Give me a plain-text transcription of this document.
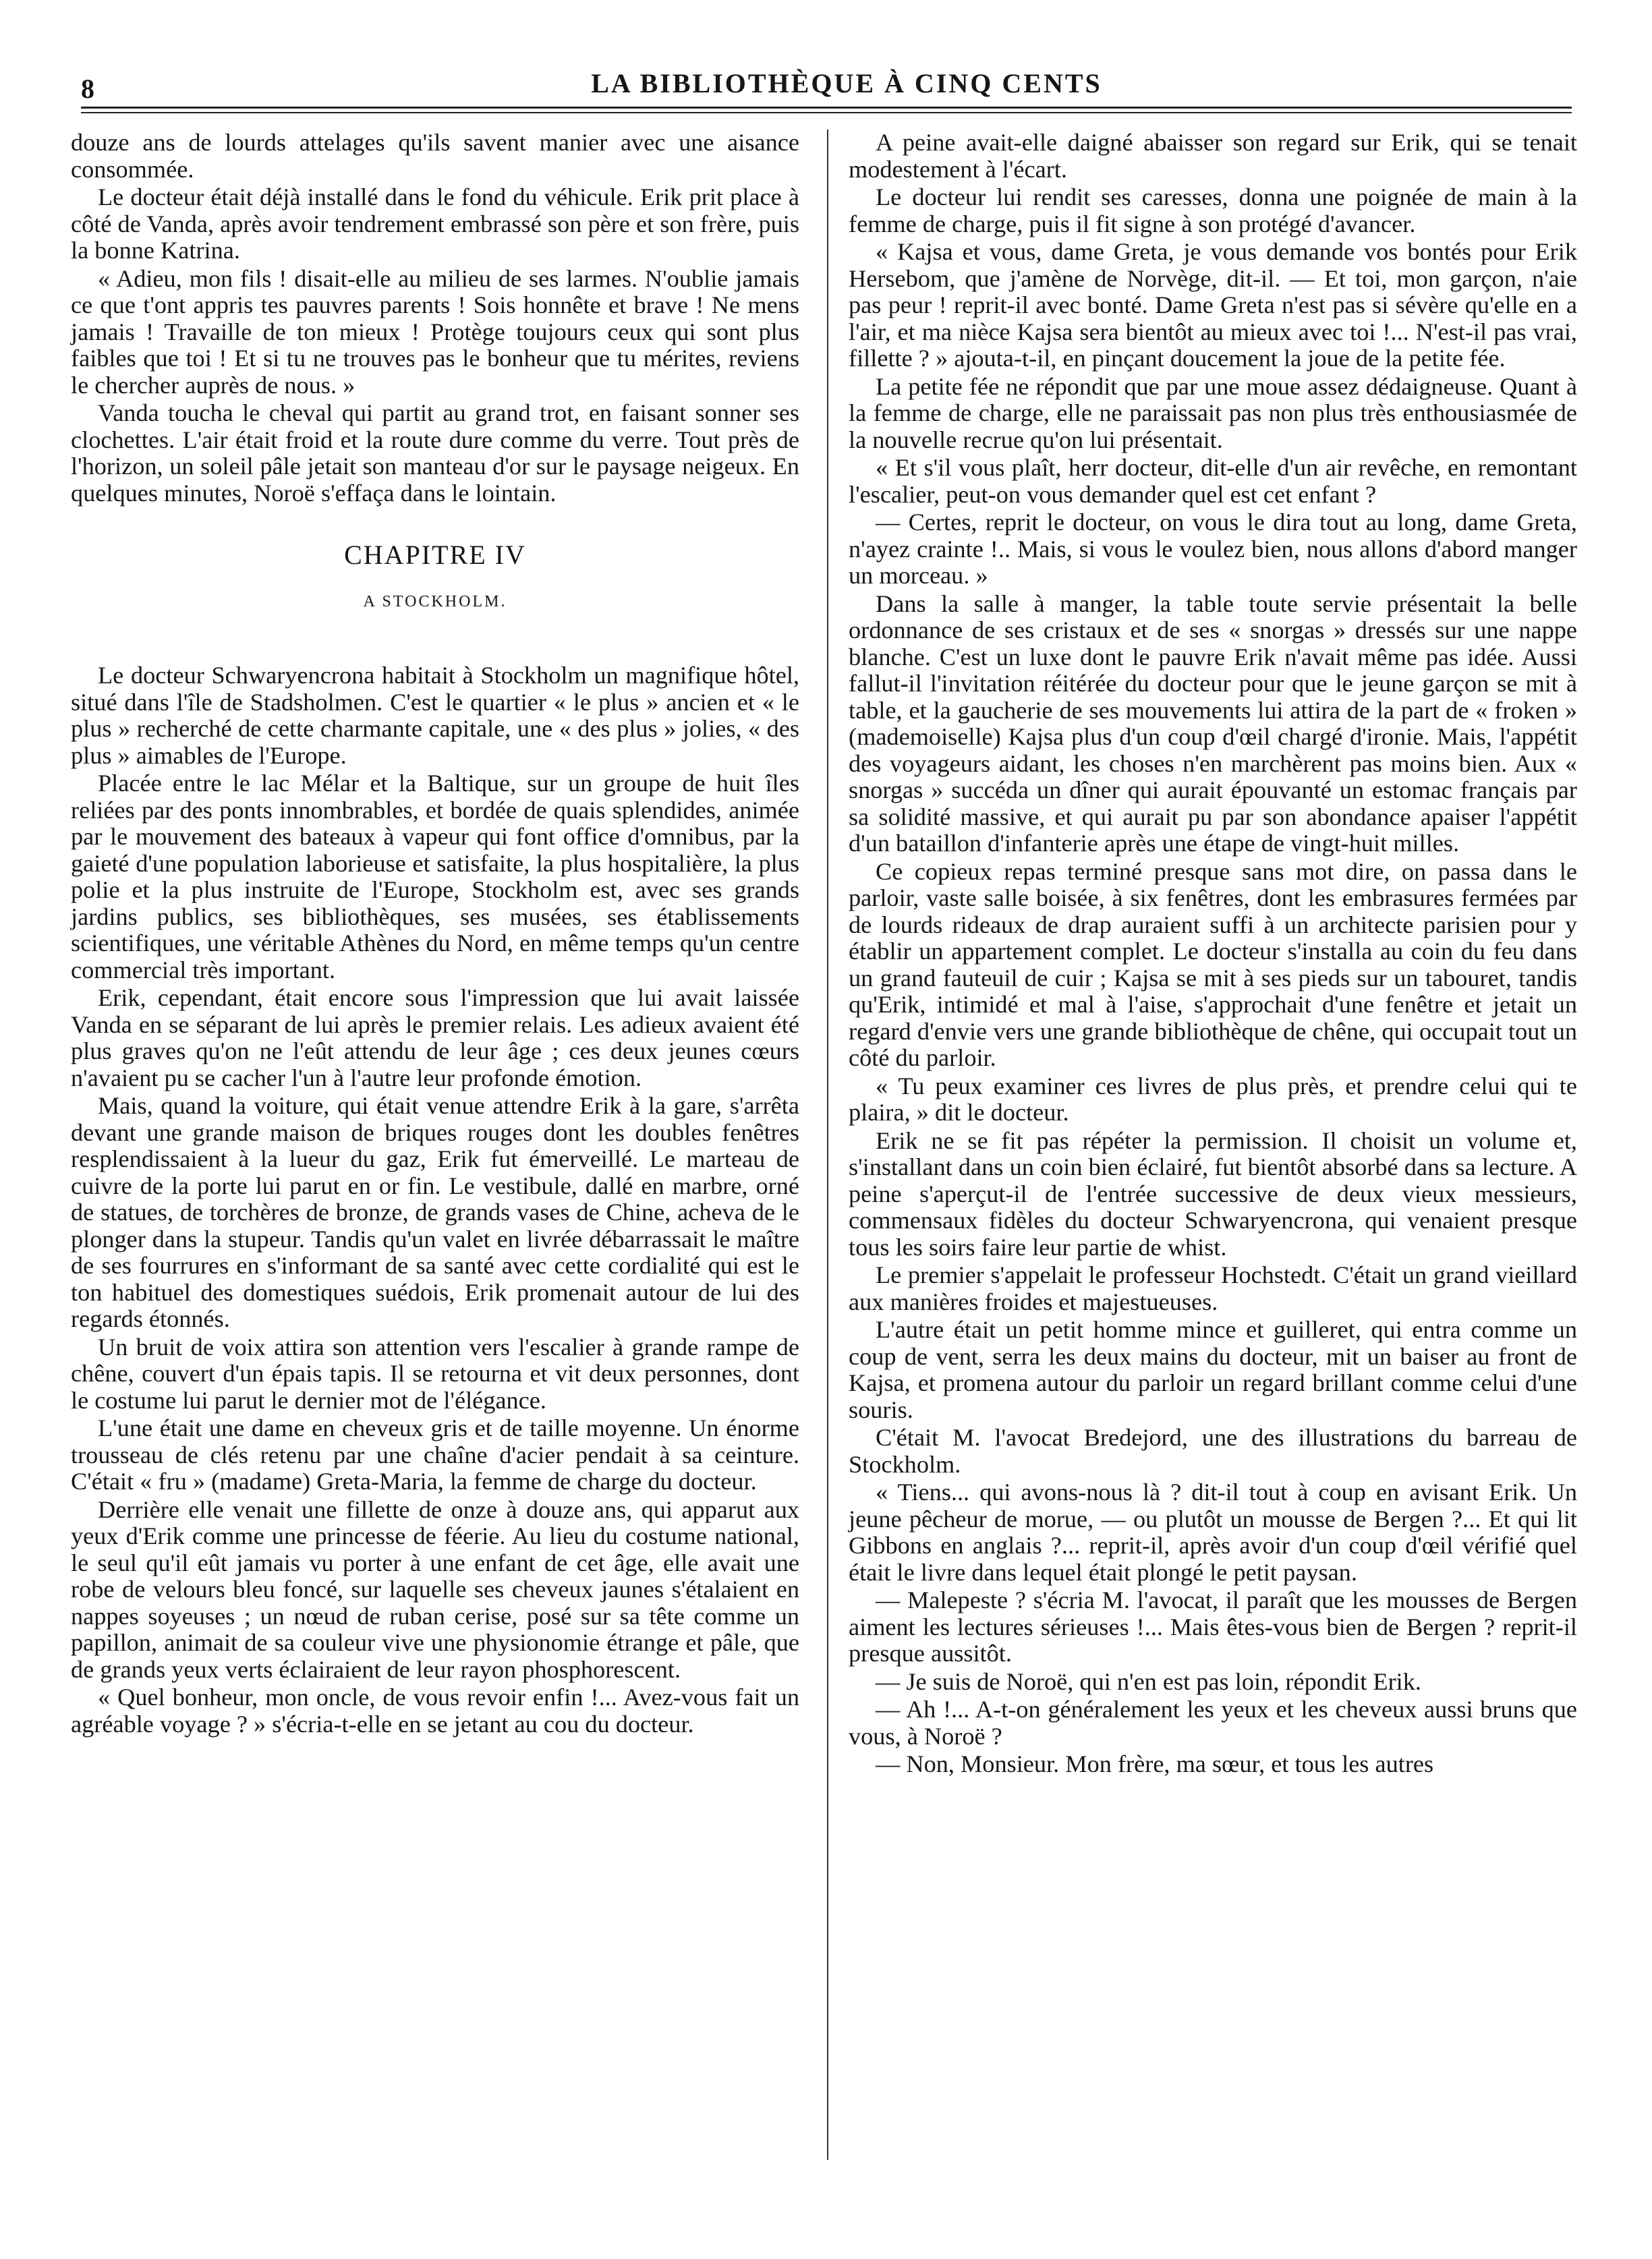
8	LA BIBLIOTHÈQUE À CINQ CENTS

douze ans de lourds attelages qu'ils savent manier avec une aisance consommée.

Le docteur était déjà installé dans le fond du véhicule. Erik prit place à côté de Vanda, après avoir tendrement embrassé son père et son frère, puis la bonne Katrina.

« Adieu, mon fils ! disait-elle au milieu de ses larmes. N'oublie jamais ce que t'ont appris tes pauvres parents ! Sois honnête et brave ! Ne mens jamais ! Travaille de ton mieux ! Protège toujours ceux qui sont plus faibles que toi ! Et si tu ne trouves pas le bonheur que tu mérites, reviens le chercher auprès de nous. »

Vanda toucha le cheval qui partit au grand trot, en faisant sonner ses clochettes. L'air était froid et la route dure comme du verre. Tout près de l'horizon, un soleil pâle jetait son manteau d'or sur le paysage neigeux. En quelques minutes, Noroë s'effaça dans le lointain.

CHAPITRE IV
A STOCKHOLM.

Le docteur Schwaryencrona habitait à Stockholm un magnifique hôtel, situé dans l'île de Stadsholmen. C'est le quartier « le plus » ancien et « le plus » recherché de cette charmante capitale, une « des plus » jolies, « des plus » aimables de l'Europe.

Placée entre le lac Mélar et la Baltique, sur un groupe de huit îles reliées par des ponts innombrables, et bordée de quais splendides, animée par le mouvement des bateaux à vapeur qui font office d'omnibus, par la gaieté d'une population laborieuse et satisfaite, la plus hospitalière, la plus polie et la plus instruite de l'Europe, Stockholm est, avec ses grands jardins publics, ses bibliothèques, ses musées, ses établissements scientifiques, une véritable Athènes du Nord, en même temps qu'un centre commercial très important.

Erik, cependant, était encore sous l'impression que lui avait laissée Vanda en se séparant de lui après le premier relais. Les adieux avaient été plus graves qu'on ne l'eût attendu de leur âge ; ces deux jeunes cœurs n'avaient pu se cacher l'un à l'autre leur profonde émotion.

Mais, quand la voiture, qui était venue attendre Erik à la gare, s'arrêta devant une grande maison de briques rouges dont les doubles fenêtres resplendissaient à la lueur du gaz, Erik fut émerveillé. Le marteau de cuivre de la porte lui parut en or fin. Le vestibule, dallé en marbre, orné de statues, de torchères de bronze, de grands vases de Chine, acheva de le plonger dans la stupeur. Tandis qu'un valet en livrée débarrassait le maître de ses fourrures en s'informant de sa santé avec cette cordialité qui est le ton habituel des domestiques suédois, Erik promenait autour de lui des regards étonnés.

Un bruit de voix attira son attention vers l'escalier à grande rampe de chêne, couvert d'un épais tapis. Il se retourna et vit deux personnes, dont le costume lui parut le dernier mot de l'élégance.

L'une était une dame en cheveux gris et de taille moyenne. Un énorme trousseau de clés retenu par une chaîne d'acier pendait à sa ceinture. C'était « fru » (madame) Greta-Maria, la femme de charge du docteur.

Derrière elle venait une fillette de onze à douze ans, qui apparut aux yeux d'Erik comme une princesse de féerie. Au lieu du costume national, le seul qu'il eût jamais vu porter à une enfant de cet âge, elle avait une robe de velours bleu foncé, sur laquelle ses cheveux jaunes s'étalaient en nappes soyeuses ; un nœud de ruban cerise, posé sur sa tête comme un papillon, animait de sa couleur vive une physionomie étrange et pâle, que de grands yeux verts éclairaient de leur rayon phosphorescent.

« Quel bonheur, mon oncle, de vous revoir enfin !... Avez-vous fait un agréable voyage ? » s'écria-t-elle en se jetant au cou du docteur.

A peine avait-elle daigné abaisser son regard sur Erik, qui se tenait modestement à l'écart.

Le docteur lui rendit ses caresses, donna une poignée de main à la femme de charge, puis il fit signe à son protégé d'avancer.

« Kajsa et vous, dame Greta, je vous demande vos bontés pour Erik Hersebom, que j'amène de Norvège, dit-il. — Et toi, mon garçon, n'aie pas peur ! reprit-il avec bonté. Dame Greta n'est pas si sévère qu'elle en a l'air, et ma nièce Kajsa sera bientôt au mieux avec toi !... N'est-il pas vrai, fillette ? » ajouta-t-il, en pinçant doucement la joue de la petite fée.

La petite fée ne répondit que par une moue assez dédaigneuse. Quant à la femme de charge, elle ne paraissait pas non plus très enthousiasmée de la nouvelle recrue qu'on lui présentait.

« Et s'il vous plaît, herr docteur, dit-elle d'un air revêche, en remontant l'escalier, peut-on vous demander quel est cet enfant ?

— Certes, reprit le docteur, on vous le dira tout au long, dame Greta, n'ayez crainte !.. Mais, si vous le voulez bien, nous allons d'abord manger un morceau. »

Dans la salle à manger, la table toute servie présentait la belle ordonnance de ses cristaux et de ses « snorgas » dressés sur une nappe blanche. C'est un luxe dont le pauvre Erik n'avait même pas idée. Aussi fallut-il l'invitation réitérée du docteur pour que le jeune garçon se mit à table, et la gaucherie de ses mouvements lui attira de la part de « froken » (mademoiselle) Kajsa plus d'un coup d'œil chargé d'ironie. Mais, l'appétit des voyageurs aidant, les choses n'en marchèrent pas moins bien. Aux « snorgas » succéda un dîner qui aurait épouvanté un estomac français par sa solidité massive, et qui aurait pu par son abondance apaiser l'appétit d'un bataillon d'infanterie après une étape de vingt-huit milles.

Ce copieux repas terminé presque sans mot dire, on passa dans le parloir, vaste salle boisée, à six fenêtres, dont les embrasures fermées par de lourds rideaux de drap auraient suffi à un architecte parisien pour y établir un appartement complet. Le docteur s'installa au coin du feu dans un grand fauteuil de cuir ; Kajsa se mit à ses pieds sur un tabouret, tandis qu'Erik, intimidé et mal à l'aise, s'approchait d'une fenêtre et jetait un regard d'envie vers une grande bibliothèque de chêne, qui occupait tout un côté du parloir.

« Tu peux examiner ces livres de plus près, et prendre celui qui te plaira, » dit le docteur.

Erik ne se fit pas répéter la permission. Il choisit un volume et, s'installant dans un coin bien éclairé, fut bientôt absorbé dans sa lecture. A peine s'aperçut-il de l'entrée successive de deux vieux messieurs, commensaux fidèles du docteur Schwaryencrona, qui venaient presque tous les soirs faire leur partie de whist.

Le premier s'appelait le professeur Hochstedt. C'était un grand vieillard aux manières froides et majestueuses.

L'autre était un petit homme mince et guilleret, qui entra comme un coup de vent, serra les deux mains du docteur, mit un baiser au front de Kajsa, et promena autour du parloir un regard brillant comme celui d'une souris.

C'était M. l'avocat Bredejord, une des illustrations du barreau de Stockholm.

« Tiens... qui avons-nous là ? dit-il tout à coup en avisant Erik. Un jeune pêcheur de morue, — ou plutôt un mousse de Bergen ?... Et qui lit Gibbons en anglais ?... reprit-il, après avoir d'un coup d'œil vérifié quel était le livre dans lequel était plongé le petit paysan.

— Malepeste ? s'écria M. l'avocat, il paraît que les mousses de Bergen aiment les lectures sérieuses !... Mais êtes-vous bien de Bergen ? reprit-il presque aussitôt.

— Je suis de Noroë, qui n'en est pas loin, répondit Erik.

— Ah !... A-t-on généralement les yeux et les cheveux aussi bruns que vous, à Noroë ?

— Non, Monsieur. Mon frère, ma sœur, et tous les autres
